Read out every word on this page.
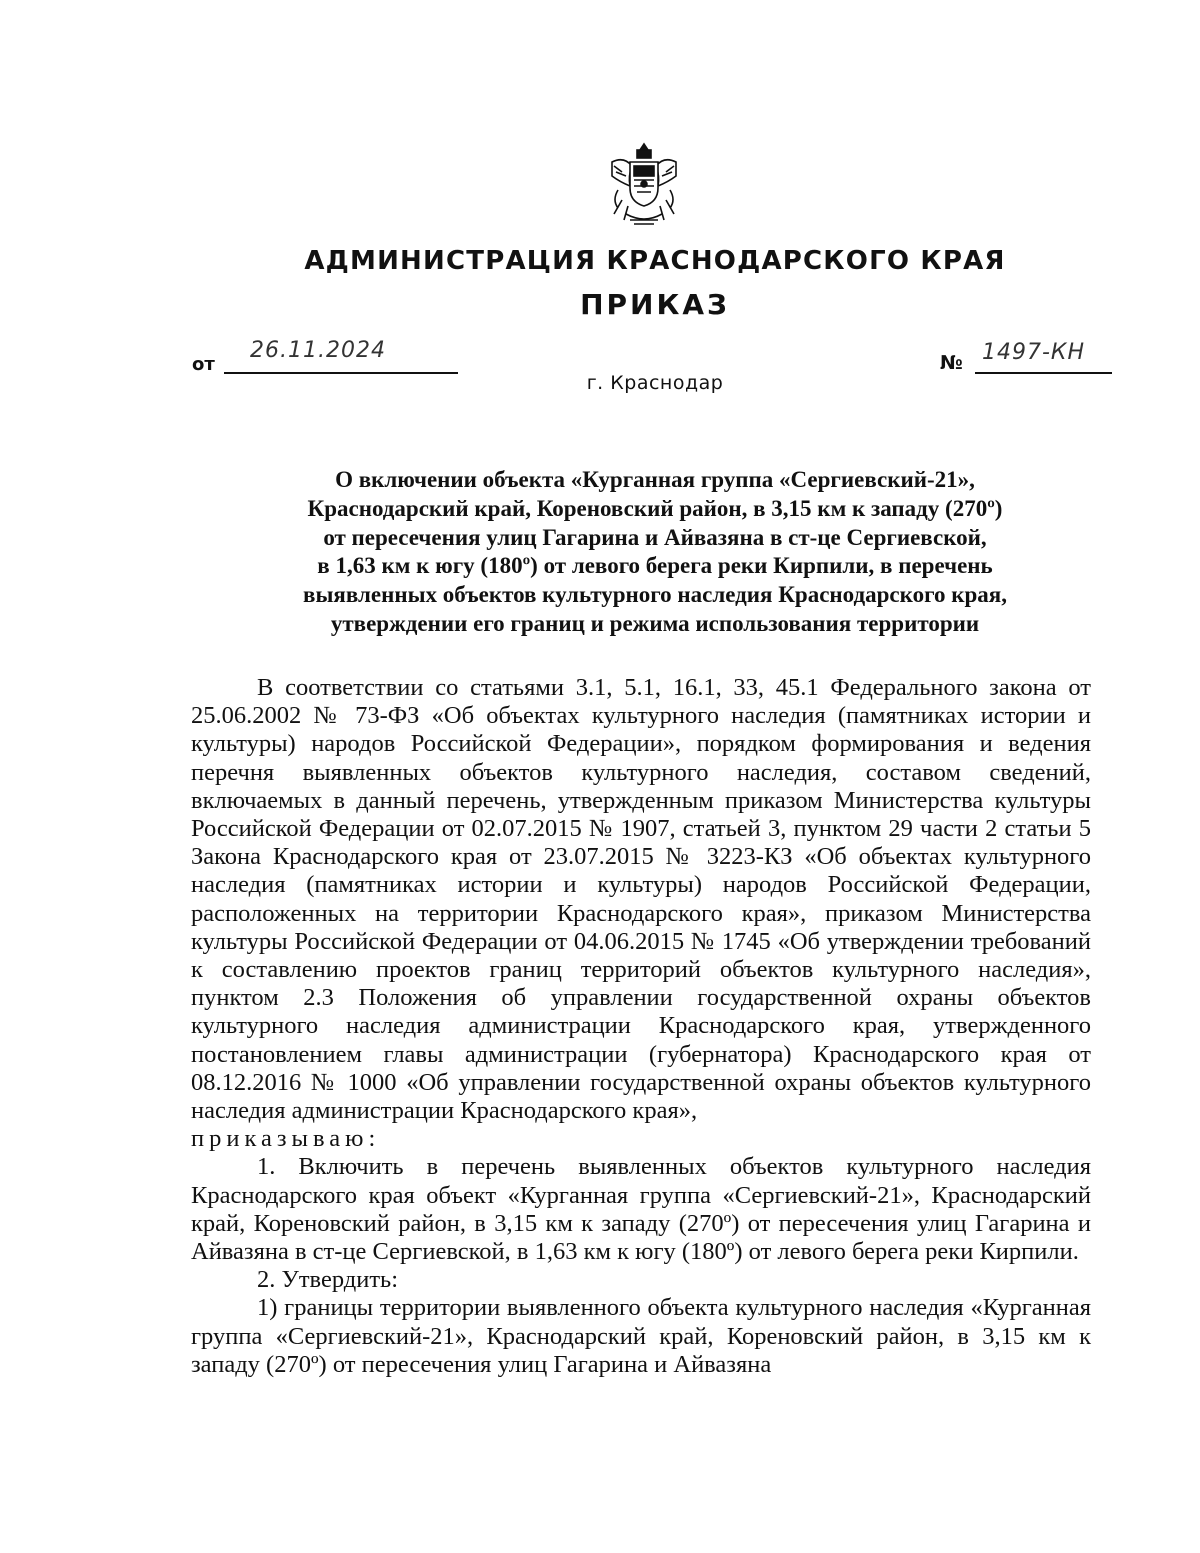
АДМИНИСТРАЦИЯ КРАСНОДАРСКОГО КРАЯ
ПРИКАЗ
от
26.11.2024	№ 1497-КН
г. Краснодар
О включении объекта «Курганная группа «Сергиевский-21»,
Краснодарский край, Кореновский район, в 3,15 км к западу (270º)
от пересечения улиц Гагарина и Айвазяна в ст-це Сергиевской,
в 1,63 км к югу (180º) от левого берега реки Кирпили, в перечень
выявленных объектов культурного наследия Краснодарского края,
утверждении его границ и режима использования территории

В соответствии со статьями 3.1, 5.1, 16.1, 33, 45.1 Федерального закона от 25.06.2002 № 73-ФЗ «Об объектах культурного наследия (памятниках истории и культуры) народов Российской Федерации», порядком формирования и ведения перечня выявленных объектов культурного наследия, составом сведений, включаемых в данный перечень, утвержденным приказом Министерства культуры Российской Федерации от 02.07.2015 № 1907, статьей 3, пунктом 29 части 2 статьи 5 Закона Краснодарского края от 23.07.2015 № 3223-КЗ «Об объектах культурного наследия (памятниках истории и культуры) народов Российской Федерации, расположенных на территории Краснодарского края», приказом Министерства культуры Российской Федерации от 04.06.2015 № 1745 «Об утверждении требований к составлению проектов границ территорий объектов культурного наследия», пунктом 2.3 Положения об управлении государственной охраны объектов культурного наследия администрации Краснодарского края, утвержденного постановлением главы администрации (губернатора) Краснодарского края от 08.12.2016 № 1000 «Об управлении государственной охраны объектов культурного наследия администрации Краснодарского края»,

приказываю:

1. Включить в перечень выявленных объектов культурного наследия Краснодарского края объект «Курганная группа «Сергиевский-21», Краснодарский край, Кореновский район, в 3,15 км к западу (270º) от пересечения улиц Гагарина и Айвазяна в ст-це Сергиевской, в 1,63 км к югу (180º) от левого берега реки Кирпили.

2. Утвердить:

1) границы территории выявленного объекта культурного наследия «Курганная группа «Сергиевский-21», Краснодарский край, Кореновский район, в 3,15 км к западу (270º) от пересечения улиц Гагарина и Айвазяна
